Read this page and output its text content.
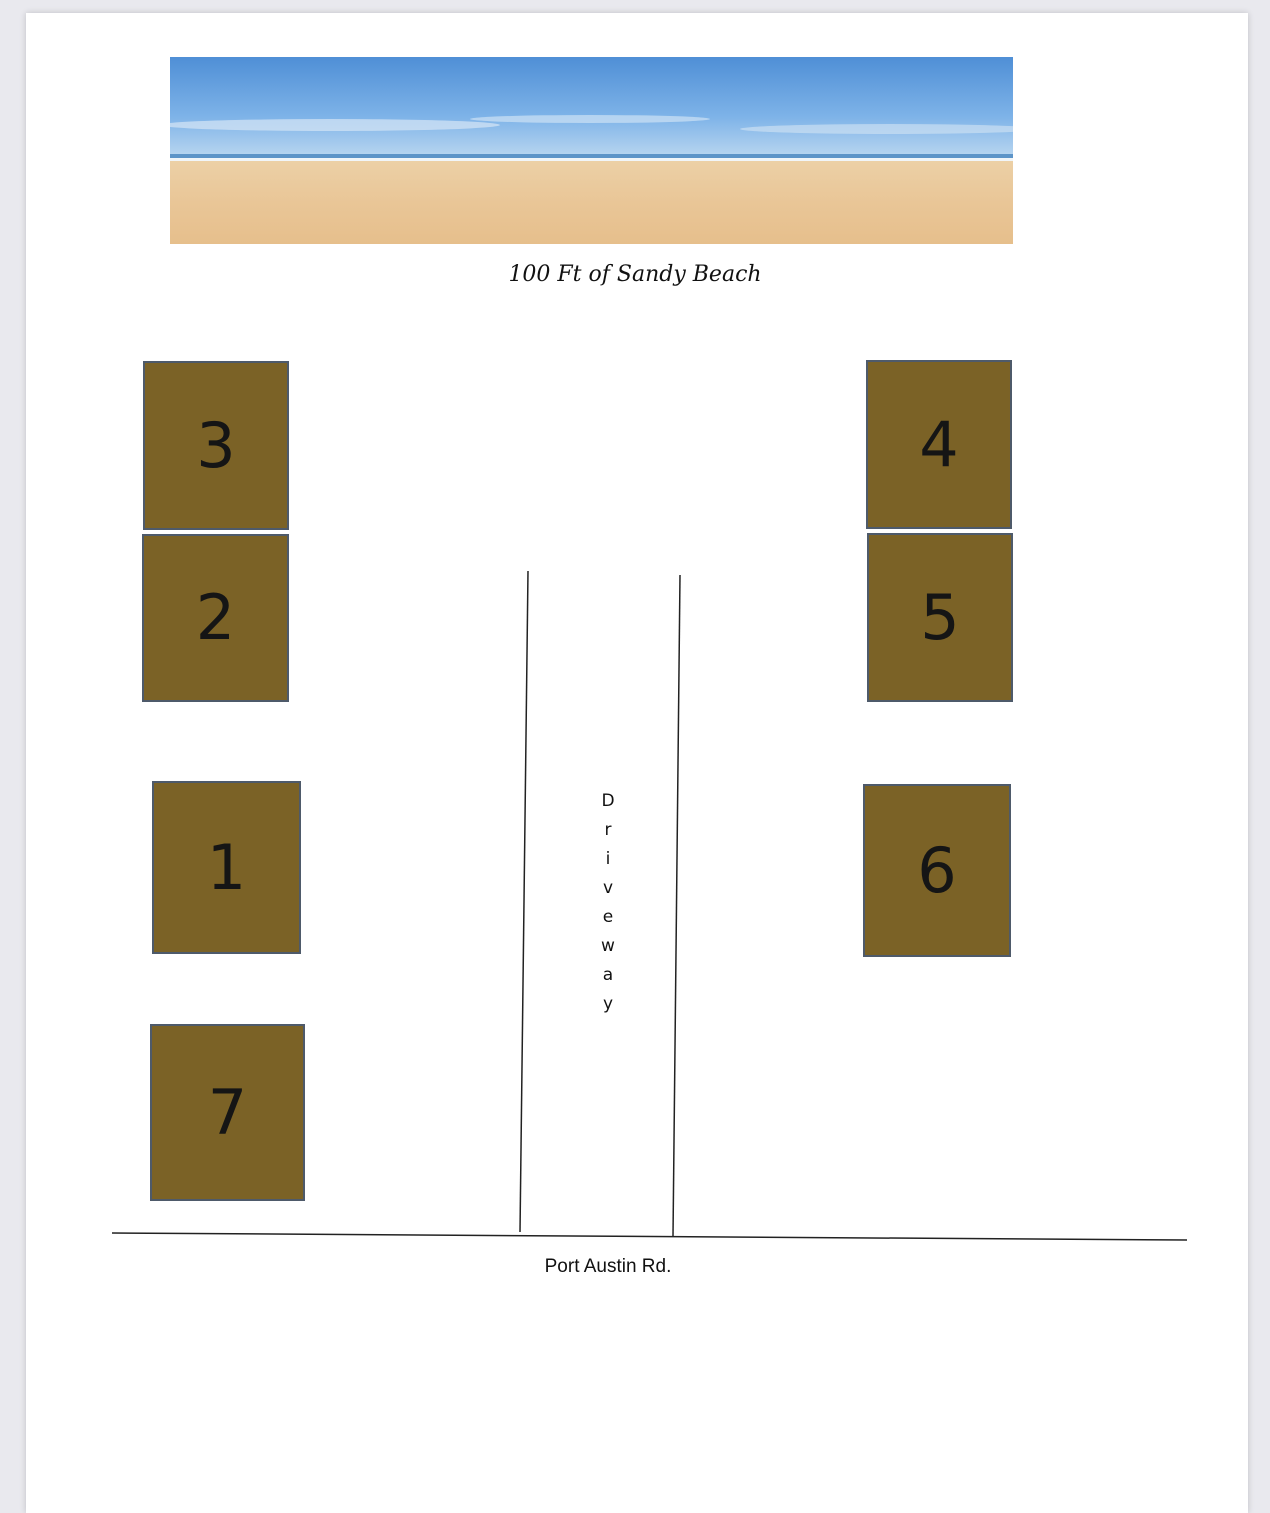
100 Ft of Sandy Beach
3
2
1
7
4
5
6
D
r
i
v
e
w
a
y
Port Austin Rd.
